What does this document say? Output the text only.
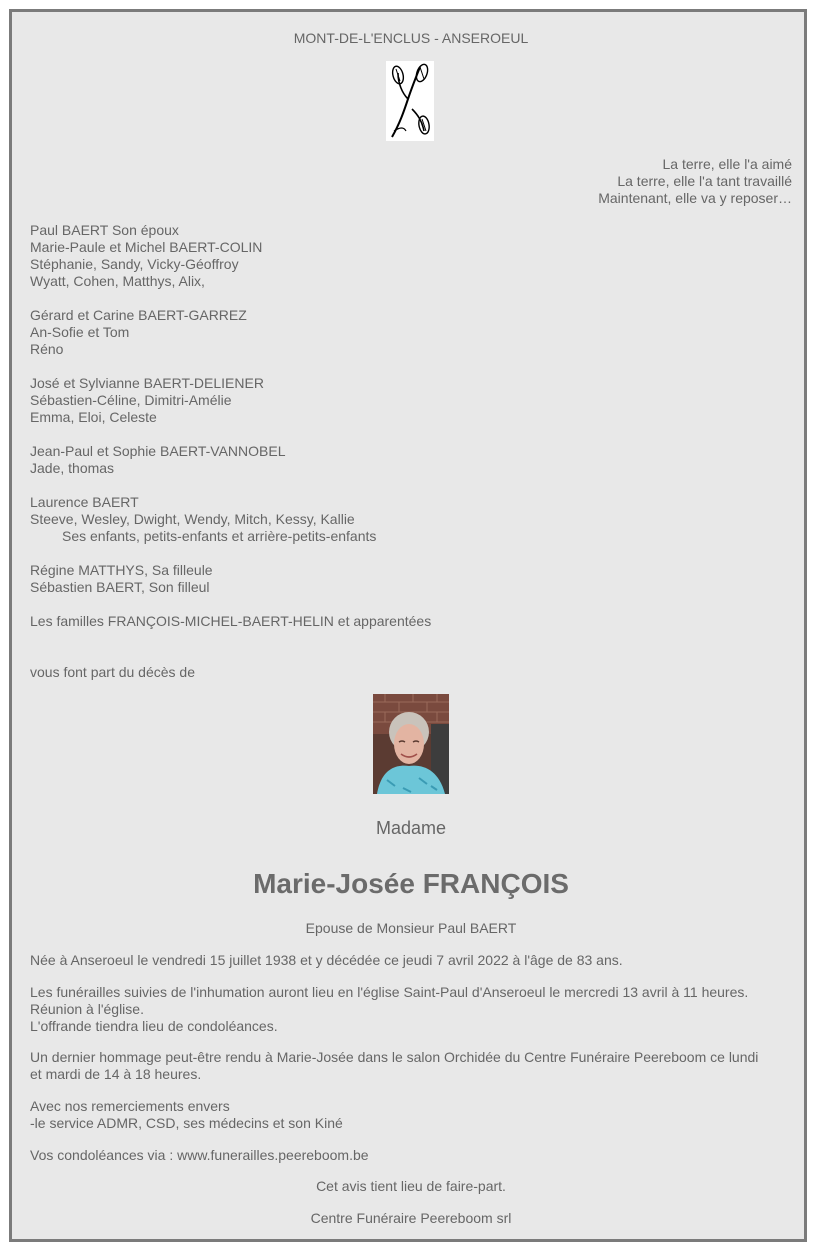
MONT-DE-L'ENCLUS - ANSEROEUL
La terre, elle l'a aimé
La terre, elle l'a tant travaillé
Maintenant, elle va y reposer…
Paul BAERT Son époux
Marie-Paule et Michel BAERT-COLIN
Stéphanie, Sandy, Vicky-Géoffroy
Wyatt, Cohen, Matthys, Alix,
Gérard et Carine BAERT-GARREZ
An-Sofie et Tom
Réno
José et Sylvianne BAERT-DELIENER
Sébastien-Céline, Dimitri-Amélie
Emma, Eloi, Celeste
Jean-Paul et Sophie BAERT-VANNOBEL
Jade, thomas
Laurence BAERT
Steeve, Wesley, Dwight, Wendy, Mitch, Kessy, Kallie
Ses enfants, petits-enfants et arrière-petits-enfants
Régine MATTHYS, Sa filleule
Sébastien BAERT, Son filleul
Les familles FRANÇOIS-MICHEL-BAERT-HELIN et apparentées
vous font part du décès de
Madame
Marie-Josée FRANÇOIS
Epouse de Monsieur Paul BAERT
Née à Anseroeul le vendredi 15 juillet 1938 et y décédée ce jeudi 7 avril 2022 à l'âge de 83 ans.
Les funérailles suivies de l'inhumation auront lieu en l'église Saint-Paul d'Anseroeul le mercredi 13 avril à 11 heures.
Réunion à l'église.
L'offrande tiendra lieu de condoléances.
Un dernier hommage peut-être rendu à Marie-Josée dans le salon Orchidée du Centre Funéraire Peereboom ce lundi
et mardi de 14 à 18 heures.
Avec nos remerciements envers
-le service ADMR, CSD, ses médecins et son Kiné
Vos condoléances via : www.funerailles.peereboom.be
Cet avis tient lieu de faire-part.
Centre Funéraire Peereboom srl
